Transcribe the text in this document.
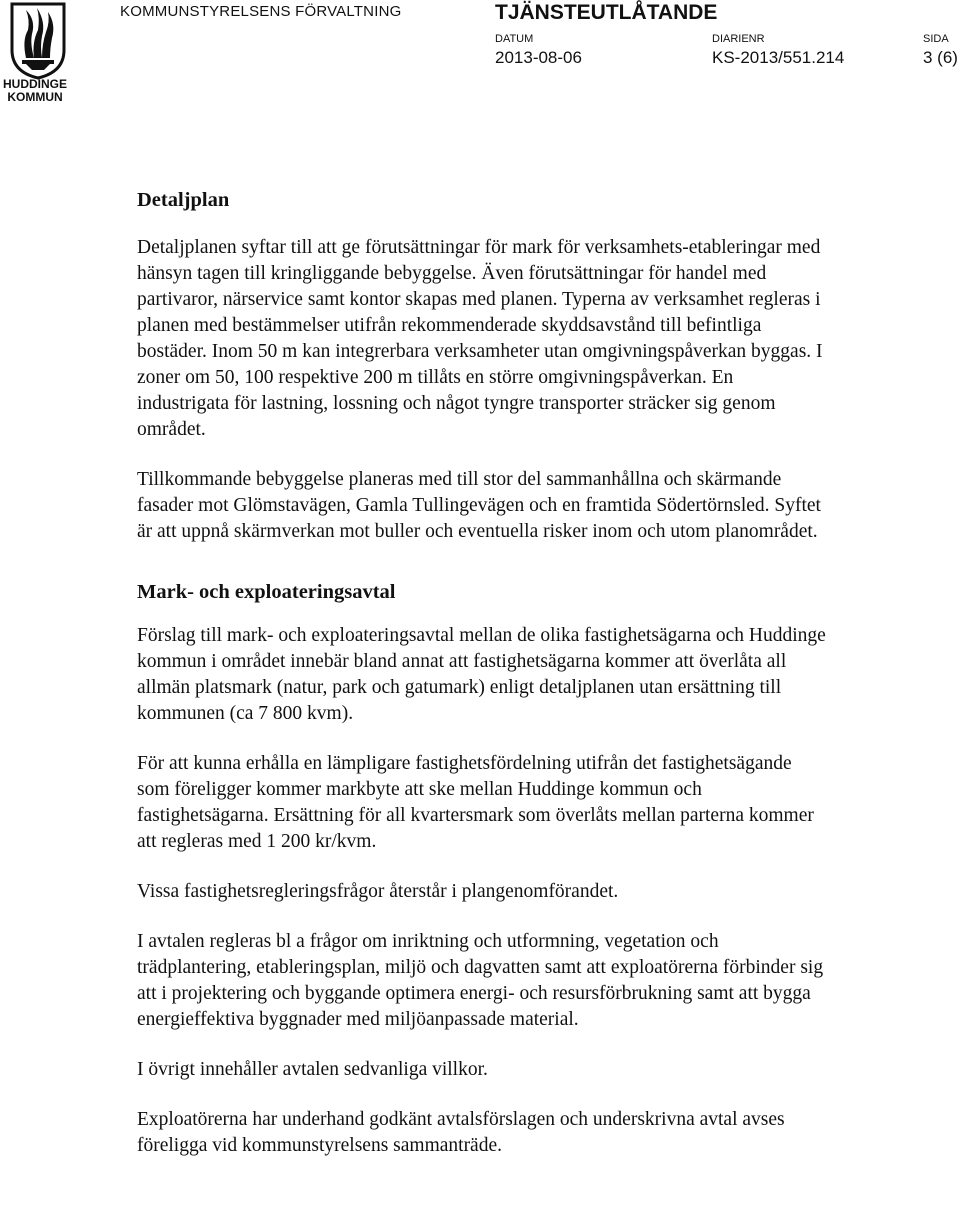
HUDDINGE
KOMMUN
KOMMUNSTYRELSENS FÖRVALTNING	TJÄNSTEUTLÅTANDE
DATUM
2013-08-06
DIARIENR
KS-2013/551.214
SIDA
3 (6)
Detaljplan

Detaljplanen syftar till att ge förutsättningar för mark för verksamhets-etableringar med hänsyn tagen till kringliggande bebyggelse. Även förutsättningar för handel med partivaror, närservice samt kontor skapas med planen. Typerna av verksamhet regleras i planen med bestämmelser utifrån rekommenderade skyddsavstånd till befintliga bostäder. Inom 50 m kan integrerbara verksamheter utan omgivningspåverkan byggas. I zoner om 50, 100 respektive 200 m tillåts en större omgivningspåverkan. En industrigata för lastning, lossning och något tyngre transporter sträcker sig genom området.

Tillkommande bebyggelse planeras med till stor del sammanhållna och skärmande fasader mot Glömstavägen, Gamla Tullingevägen och en framtida Södertörnsled. Syftet är att uppnå skärmverkan mot buller och eventuella risker inom och utom planområdet.

Mark- och exploateringsavtal

Förslag till mark- och exploateringsavtal mellan de olika fastighetsägarna och Huddinge kommun i området innebär bland annat att fastighetsägarna kommer att överlåta all allmän platsmark (natur, park och gatumark) enligt detaljplanen utan ersättning till kommunen (ca 7 800 kvm).

För att kunna erhålla en lämpligare fastighetsfördelning utifrån det fastighetsägande som föreligger kommer markbyte att ske mellan Huddinge kommun och fastighetsägarna. Ersättning för all kvartersmark som överlåts mellan parterna kommer att regleras med 1 200 kr/kvm.

Vissa fastighetsregleringsfrågor återstår i plangenomförandet.

I avtalen regleras bl a frågor om inriktning och utformning, vegetation och trädplantering, etableringsplan, miljö och dagvatten samt att exploatörerna förbinder sig att i projektering och byggande optimera energi- och resursförbrukning samt att bygga energieffektiva byggnader med miljöanpassade material.

I övrigt innehåller avtalen sedvanliga villkor.

Exploatörerna har underhand godkänt avtalsförslagen och underskrivna avtal avses föreligga vid kommunstyrelsens sammanträde.
